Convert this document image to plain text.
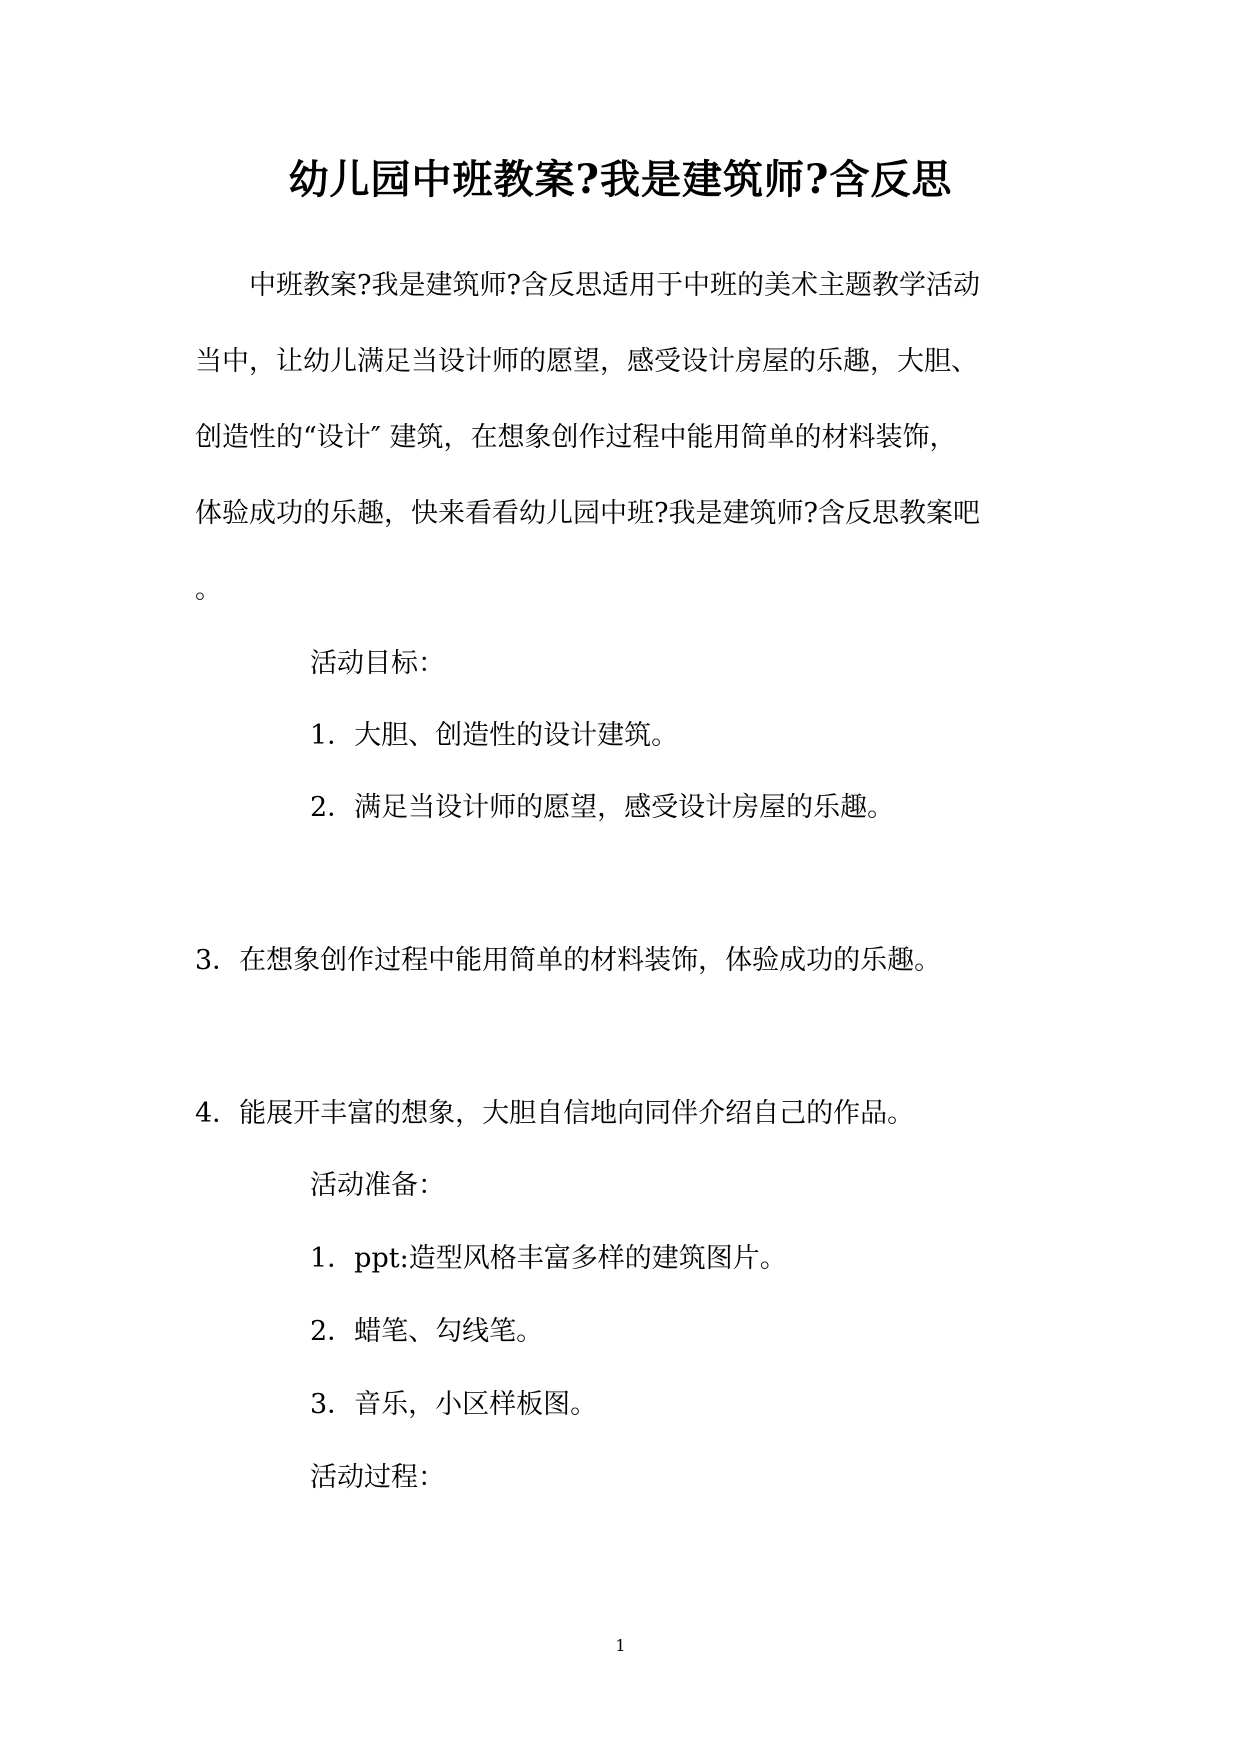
幼儿园中班教案?我是建筑师?含反思
中班教案?我是建筑师?含反思适用于中班的美术主题教学活动
当中，让幼儿满足当设计师的愿望，感受设计房屋的乐趣，大胆、
创造性的“设计″ 建筑，在想象创作过程中能用简单的材料装饰，
体验成功的乐趣，快来看看幼儿园中班?我是建筑师?含反思教案吧
。
活动目标：
1．大胆、创造性的设计建筑。
2．满足当设计师的愿望，感受设计房屋的乐趣。
3．在想象创作过程中能用简单的材料装饰，体验成功的乐趣。
4．能展开丰富的想象，大胆自信地向同伴介绍自己的作品。
活动准备：
1．ppt:造型风格丰富多样的建筑图片。
2．蜡笔、勾线笔。
3．音乐，小区样板图。
活动过程：
1
